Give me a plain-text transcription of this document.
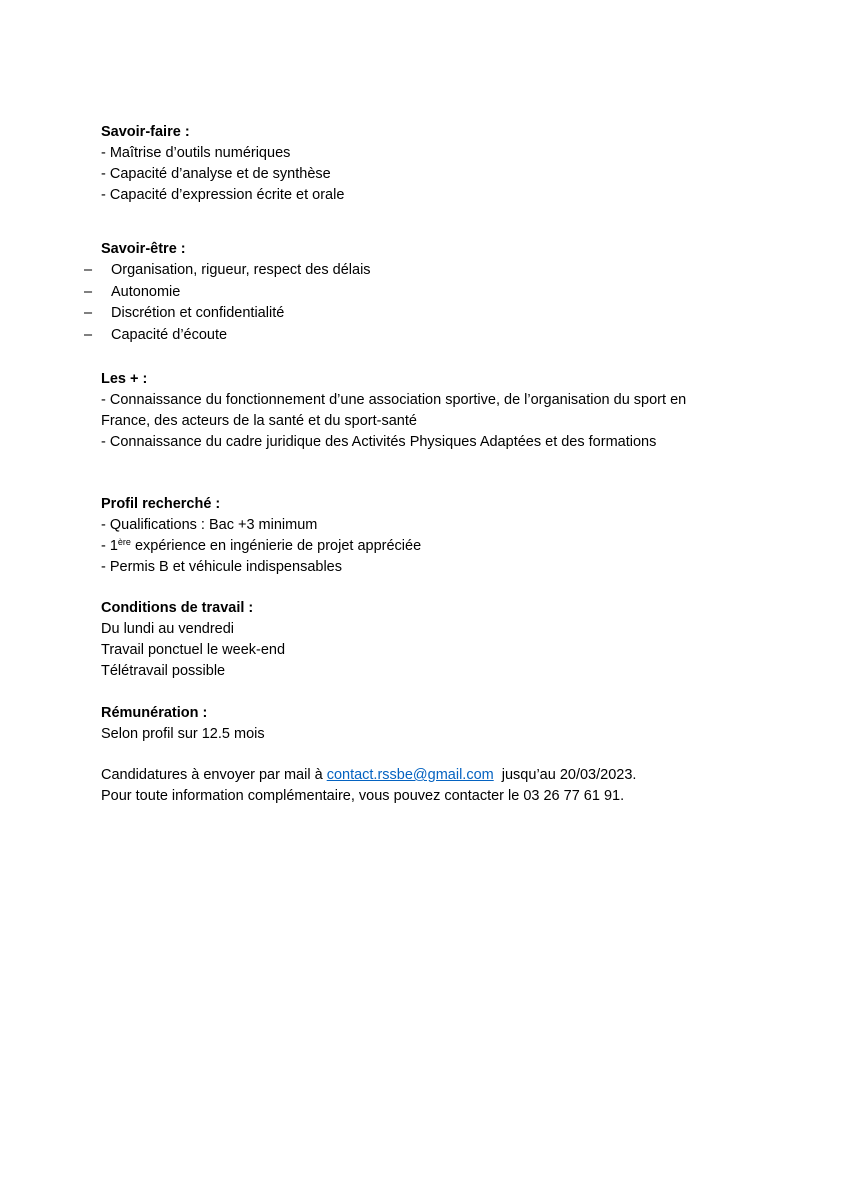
Savoir-faire :
- Maîtrise d’outils numériques
- Capacité d’analyse et de synthèse
- Capacité d’expression écrite et orale
Savoir-être :
– Organisation, rigueur, respect des délais
– Autonomie
– Discrétion et confidentialité
– Capacité d’écoute
Les + :
- Connaissance du fonctionnement d’une association sportive, de l’organisation du sport en
France, des acteurs de la santé et du sport-santé
- Connaissance du cadre juridique des Activités Physiques Adaptées et des formations
Profil recherché :
- Qualifications : Bac +3 minimum
- 1ère expérience en ingénierie de projet appréciée
- Permis B et véhicule indispensables
Conditions de travail :
Du lundi au vendredi
Travail ponctuel le week-end
Télétravail possible
Rémunération :
Selon profil sur 12.5 mois
Candidatures à envoyer par mail à contact.rssbe@gmail.com  jusqu’au 20/03/2023.
Pour toute information complémentaire, vous pouvez contacter le 03 26 77 61 91.
